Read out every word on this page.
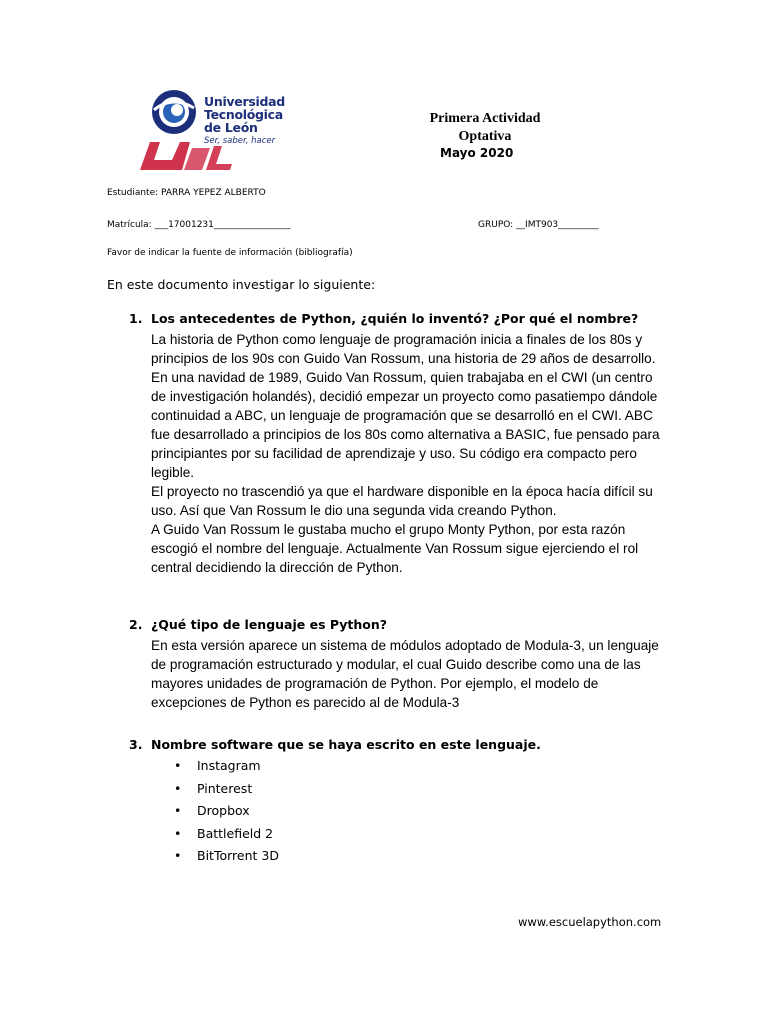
Universidad
Tecnológica
de León
Ser, saber, hacer
Primera Actividad
Optativa
Mayo 2020
Estudiante: PARRA YEPEZ ALBERTO
Matrícula: ___17001231_________________	GRUPO: __IMT903_________
Favor de indicar la fuente de información (bibliografía)
En este documento investigar lo siguiente:
1. Los antecedentes de Python, ¿quién lo inventó? ¿Por qué el nombre?

La historia de Python como lenguaje de programación inicia a finales de los 80s y principios de los 90s con Guido Van Rossum, una historia de 29 años de desarrollo.

En una navidad de 1989, Guido Van Rossum, quien trabajaba en el CWI (un centro de investigación holandés), decidió empezar un proyecto como pasatiempo dándole continuidad a ABC, un lenguaje de programación que se desarrolló en el CWI. ABC fue desarrollado a principios de los 80s como alternativa a BASIC, fue pensado para principiantes por su facilidad de aprendizaje y uso. Su código era compacto pero legible.

El proyecto no trascendió ya que el hardware disponible en la época hacía difícil su uso. Así que Van Rossum le dio una segunda vida creando Python.

A Guido Van Rossum le gustaba mucho el grupo Monty Python, por esta razón escogió el nombre del lenguaje. Actualmente Van Rossum sigue ejerciendo el rol central decidiendo la dirección de Python.

2. ¿Qué tipo de lenguaje es Python?

En esta versión aparece un sistema de módulos adoptado de Modula-3, un lenguaje de programación estructurado y modular, el cual Guido describe como una de las mayores unidades de programación de Python. Por ejemplo, el modelo de excepciones de Python es parecido al de Modula-3

3. Nombre software que se haya escrito en este lenguaje.
• Instagram
• Pinterest
• Dropbox
• Battlefield 2
• BitTorrent 3D
www.escuelapython.com
